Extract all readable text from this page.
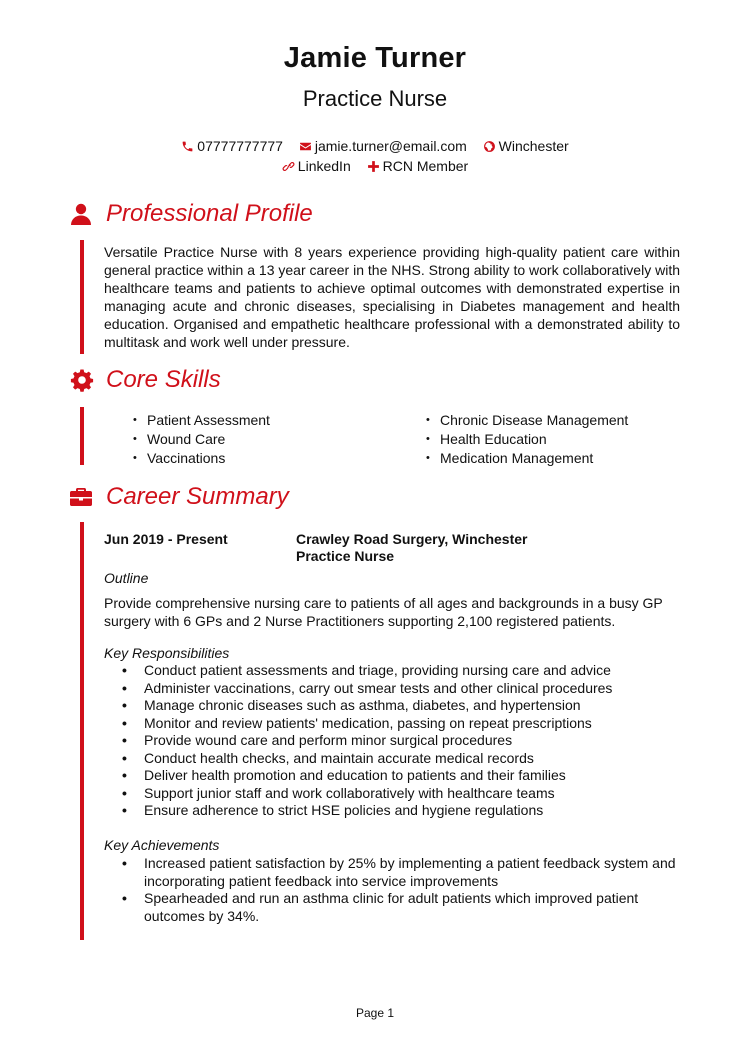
Jamie Turner
Practice Nurse
07777777777
jamie.turner@email.com
Winchester
LinkedIn
RCN Member
Professional Profile
Versatile Practice Nurse with 8 years experience providing high-quality patient care within general practice within a 13 year career in the NHS. Strong ability to work collaboratively with healthcare teams and patients to achieve optimal outcomes with demonstrated expertise in managing acute and chronic diseases, specialising in Diabetes management and health education. Organised and empathetic healthcare professional with a demonstrated ability to multitask and work well under pressure.
Core Skills
• Patient Assessment
• Wound Care
• Vaccinations
• Chronic Disease Management
• Health Education
• Medication Management
Career Summary
Jun 2019 - Present	Crawley Road Surgery, Winchester
Practice Nurse
Outline
Provide comprehensive nursing care to patients of all ages and backgrounds in a busy GP surgery with 6 GPs and 2 Nurse Practitioners supporting 2,100 registered patients.
Key Responsibilities
• Conduct patient assessments and triage, providing nursing care and advice
• Administer vaccinations, carry out smear tests and other clinical procedures
• Manage chronic diseases such as asthma, diabetes, and hypertension
• Monitor and review patients' medication, passing on repeat prescriptions
• Provide wound care and perform minor surgical procedures
• Conduct health checks, and maintain accurate medical records
• Deliver health promotion and education to patients and their families
• Support junior staff and work collaboratively with healthcare teams
• Ensure adherence to strict HSE policies and hygiene regulations
Key Achievements
• Increased patient satisfaction by 25% by implementing a patient feedback system and incorporating patient feedback into service improvements
• Spearheaded and run an asthma clinic for adult patients which improved patient outcomes by 34%.
Page 1
